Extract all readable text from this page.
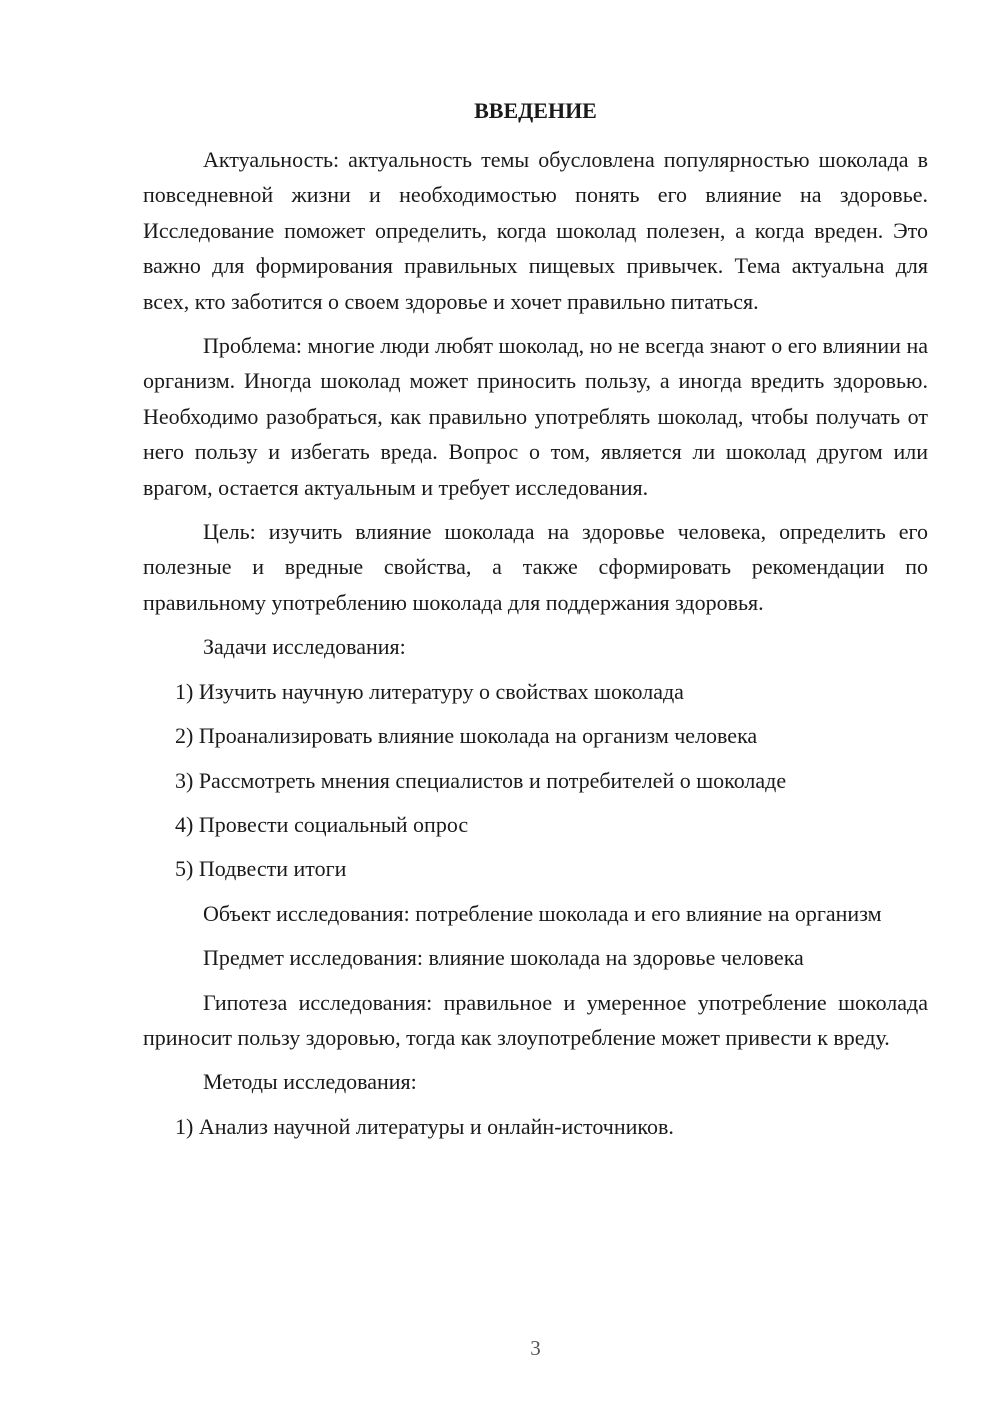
ВВЕДЕНИЕ

Актуальность: актуальность темы обусловлена популярностью шоколада в повседневной жизни и необходимостью понять его влияние на здоровье. Исследование поможет определить, когда шоколад полезен, а когда вреден. Это важно для формирования правильных пищевых привычек. Тема актуальна для всех, кто заботится о своем здоровье и хочет правильно питаться.

Проблема: многие люди любят шоколад, но не всегда знают о его влиянии на организм. Иногда шоколад может приносить пользу, а иногда вредить здоровью. Необходимо разобраться, как правильно употреблять шоколад, чтобы получать от него пользу и избегать вреда. Вопрос о том, является ли шоколад другом или врагом, остается актуальным и требует исследования.

Цель: изучить влияние шоколада на здоровье человека, определить его полезные и вредные свойства, а также сформировать рекомендации по правильному употреблению шоколада для поддержания здоровья.

Задачи исследования:

1) Изучить научную литературу о свойствах шоколада

2) Проанализировать влияние шоколада на организм человека

3) Рассмотреть мнения специалистов и потребителей о шоколаде

4) Провести социальный опрос

5) Подвести итоги

Объект исследования: потребление шоколада и его влияние на организм

Предмет исследования: влияние шоколада на здоровье человека

Гипотеза исследования: правильное и умеренное употребление шоколада приносит пользу здоровью, тогда как злоупотребление может привести к вреду.

Методы исследования:

1) Анализ научной литературы и онлайн-источников.

3
